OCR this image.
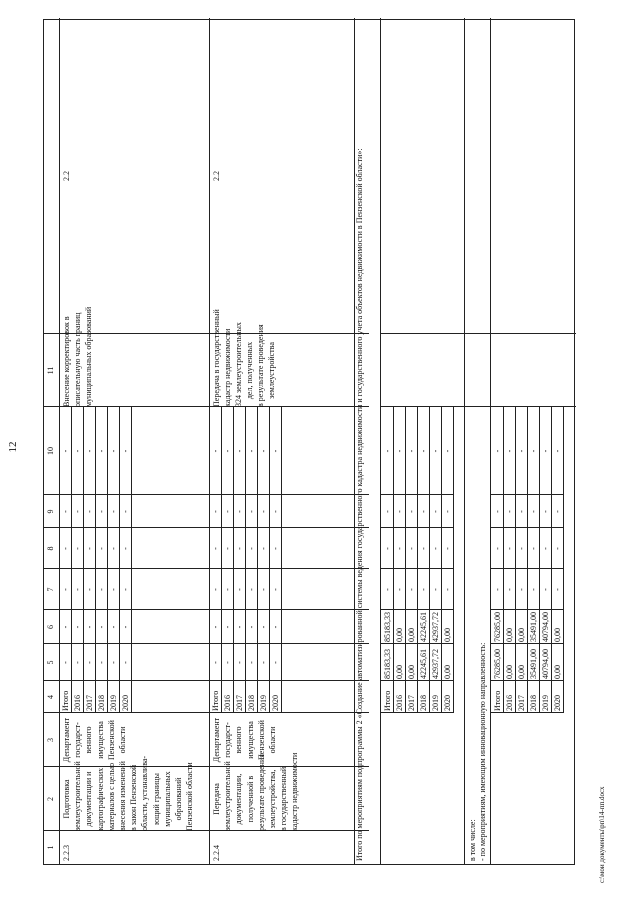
12
1
2
3
4
5
6
7
8
9
10
11
2.2.3
Подготовка землеустроительной документации и картографических материалов с целью внесения изменений в закон Пензенской области, устанавлива- ющий границы муниципальных образований Пензенской области
Департамент государст- венного имущества Пензенской области
Итого
-
-
-
-
-
-
2016
-
-
-
-
-
-
2017
-
-
-
-
-
-
2018
-
-
-
-
-
-
2019
-
-
-
-
-
-
2020
-
-
-
-
-
-
Внесение корректировок в описательную часть границ муниципальных образований
2.2
2.2.4
Передача землеустроительной документации, полученной в результате проведения землеустройства, в государственный кадастр недвижимости
Департамент государст- венного имущества Пензенской области
Итого
-
-
-
-
-
-
2016
-
-
-
-
-
-
2017
-
-
-
-
-
-
2018
-
-
-
-
-
-
2019
-
-
-
-
-
-
2020
-
-
-
-
-
-
Передача в государственный кадастр недвижимости 324 землеустроительных дел, полученных в результате проведения землеустройства
2.2	Итого по мероприятиям подпрограммы 2 «Создание автоматизированной системы ведения государственного кадастра недвижимости и государственного учета объектов недвижимости в Пензенской области»: Итого
85183,33
85183,33
-
-
-
-
2016
0,00
0,00
-
-
-
-
2017
0,00
0,00
-
-
-
-
2018
42245,61
42245,61
-
-
-
-
2019
42937,72
42937,72
-
-
-
-
2020
0,00
0,00
-
-
-
-
в том числе: - по мероприятиям, имеющим инновационную направленность: Итого
76285,00
76285,00
-
-
-
-
2016
0,00
0,00
-
-
-
-
2017
0,00
0,00
-
-
-
-
2018
35491,00
35491,00
-
-
-
-
2019
40794,00
40794,00
-
-
-
-
2020
0,00
0,00
-
-
-
-
c:\мои документы\рп\14-пп.docx
